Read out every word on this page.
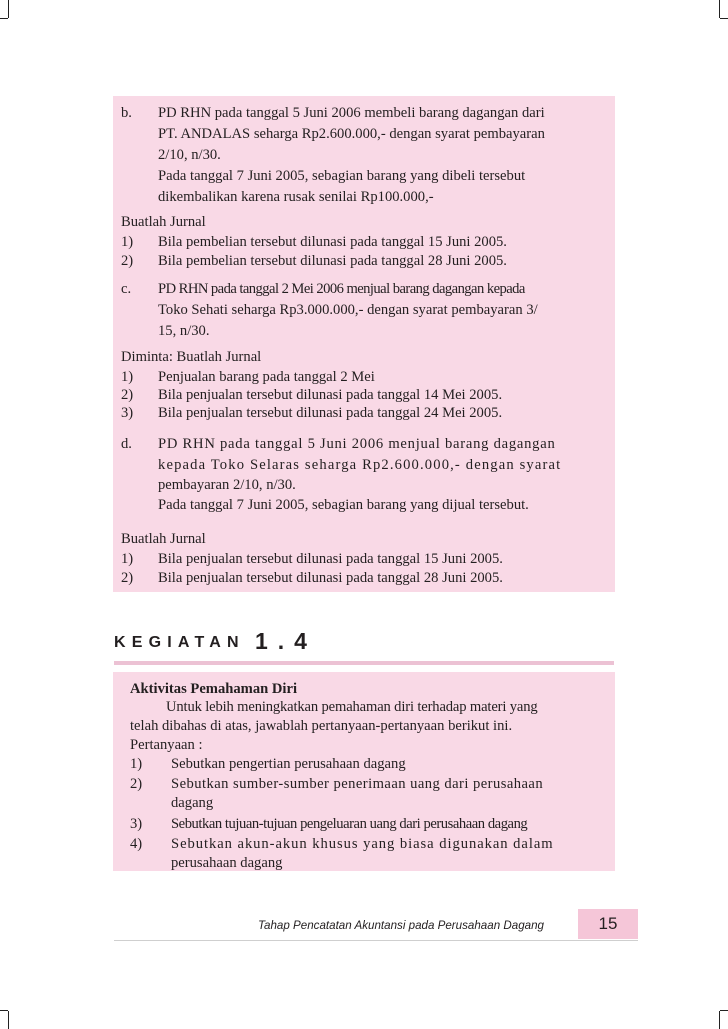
b. PD RHN pada tanggal 5 Juni 2006 membeli barang dagangan dari
PT. ANDALAS seharga Rp2.600.000,- dengan syarat pembayaran
2/10, n/30.
Pada tanggal 7 Juni 2005, sebagian barang yang dibeli tersebut
dikembalikan karena rusak senilai Rp100.000,-
Buatlah Jurnal
1) Bila pembelian tersebut dilunasi pada tanggal 15 Juni 2005.
2) Bila pembelian tersebut dilunasi pada tanggal 28 Juni 2005.
c. PD RHN pada tanggal 2 Mei 2006 menjual barang dagangan kepada
Toko Sehati seharga Rp3.000.000,- dengan syarat pembayaran 3/
15, n/30.
Diminta: Buatlah Jurnal
1) Penjualan barang pada tanggal 2 Mei
2) Bila penjualan tersebut dilunasi pada tanggal 14 Mei 2005.
3) Bila penjualan tersebut dilunasi pada tanggal 24 Mei 2005.
d. PD RHN pada tanggal 5 Juni 2006 menjual barang dagangan
kepada Toko Selaras seharga Rp2.600.000,- dengan syarat
pembayaran 2/10, n/30.
Pada tanggal 7 Juni 2005, sebagian barang yang dijual tersebut.
Buatlah Jurnal
1) Bila penjualan tersebut dilunasi pada tanggal 15 Juni 2005.
2) Bila penjualan tersebut dilunasi pada tanggal 28 Juni 2005.
KEGIATAN 1.4
Aktivitas Pemahaman Diri
Untuk lebih meningkatkan pemahaman diri terhadap materi yang
telah dibahas di atas, jawablah pertanyaan-pertanyaan berikut ini.
Pertanyaan :
1) Sebutkan pengertian perusahaan dagang
2) Sebutkan sumber-sumber penerimaan uang dari perusahaan
dagang
3) Sebutkan tujuan-tujuan pengeluaran uang dari perusahaan dagang
4) Sebutkan akun-akun khusus yang biasa digunakan dalam
perusahaan dagang
Tahap Pencatatan Akuntansi pada Perusahaan Dagang	15
